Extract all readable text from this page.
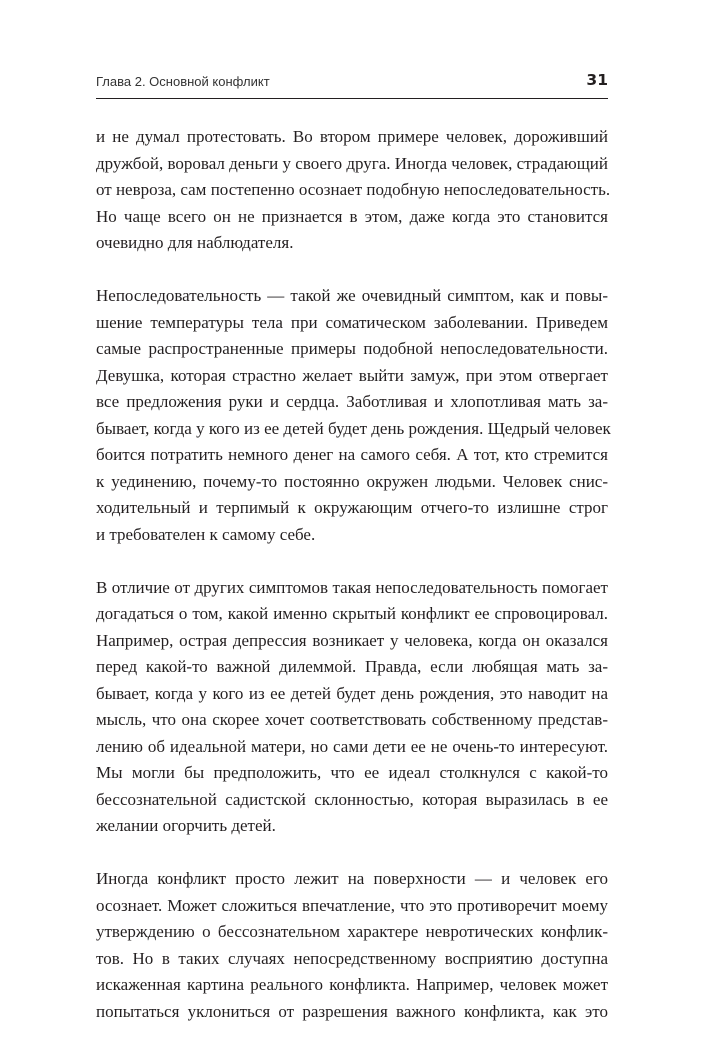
Глава 2. Основной конфликт	31
и не думал протестовать. Во втором примере человек, дороживший
дружбой, воровал деньги у своего друга. Иногда человек, страдающий
от невроза, сам постепенно осознает подобную непоследовательность.
Но чаще всего он не признается в этом, даже когда это становится
очевидно для наблюдателя.
Непоследовательность — такой же очевидный симптом, как и повы-
шение температуры тела при соматическом заболевании. Приведем
самые распространенные примеры подобной непоследовательности.
Девушка, которая страстно желает выйти замуж, при этом отвергает
все предложения руки и сердца. Заботливая и хлопотливая мать за-
бывает, когда у кого из ее детей будет день рождения. Щедрый человек
боится потратить немного денег на самого себя. А тот, кто стремится
к уединению, почему-то постоянно окружен людьми. Человек снис-
ходительный и терпимый к окружающим отчего-то излишне строг
и требователен к самому себе.
В отличие от других симптомов такая непоследовательность помогает
догадаться о том, какой именно скрытый конфликт ее спровоцировал.
Например, острая депрессия возникает у человека, когда он оказался
перед какой-то важной дилеммой. Правда, если любящая мать за-
бывает, когда у кого из ее детей будет день рождения, это наводит на
мысль, что она скорее хочет соответствовать собственному представ-
лению об идеальной матери, но сами дети ее не очень-то интересуют.
Мы могли бы предположить, что ее идеал столкнулся с какой-то
бессознательной садистской склонностью, которая выразилась в ее
желании огорчить детей.
Иногда конфликт просто лежит на поверхности — и человек его
осознает. Может сложиться впечатление, что это противоречит моему
утверждению о бессознательном характере невротических конфлик-
тов. Но в таких случаях непосредственному восприятию доступна
искаженная картина реального конфликта. Например, человек может
попытаться уклониться от разрешения важного конфликта, как это
